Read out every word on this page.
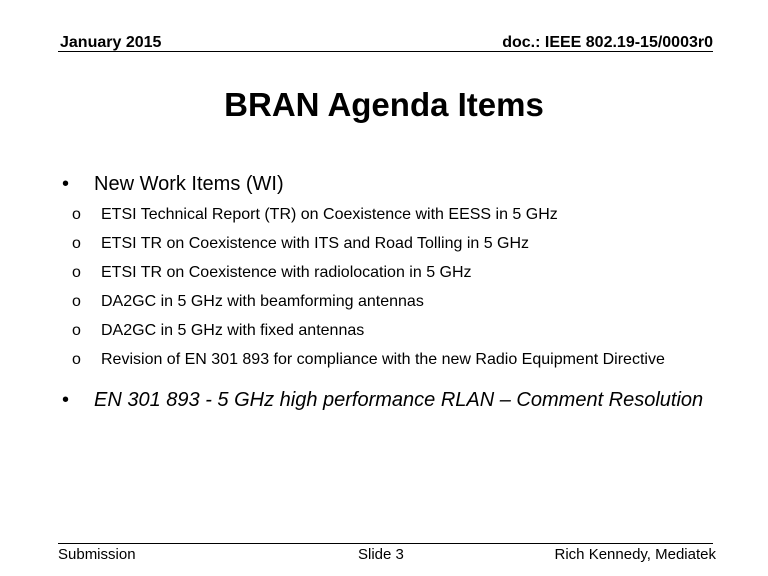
January 2015	doc.: IEEE 802.19-15/0003r0
BRAN Agenda Items
•	New Work Items (WI)
o	ETSI Technical Report (TR) on Coexistence with EESS in 5 GHz
o	ETSI TR on Coexistence with ITS and Road Tolling in 5 GHz
o	ETSI TR on Coexistence with radiolocation in 5 GHz
o	DA2GC in 5 GHz with beamforming antennas
o	DA2GC in 5 GHz with fixed antennas
o	Revision of EN 301 893 for compliance with the new Radio Equipment Directive
•	EN 301 893 - 5 GHz high performance RLAN – Comment Resolution
Submission	Slide 3	Rich Kennedy, Mediatek
